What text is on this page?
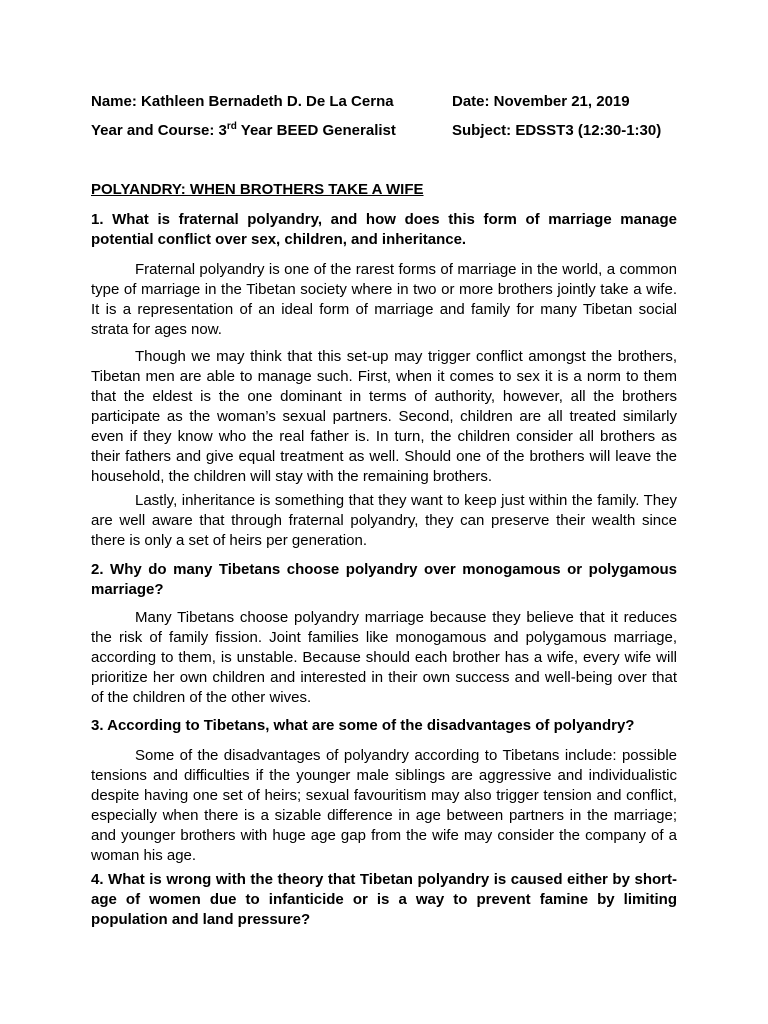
Name: Kathleen Bernadeth D. De La Cerna	Date: November 21, 2019
Year and Course: 3rd Year BEED Generalist	Subject: EDSST3 (12:30-1:30)
POLYANDRY: WHEN BROTHERS TAKE A WIFE
1. What is fraternal polyandry, and how does this form of marriage manage potential conflict over sex, children, and inheritance.
Fraternal polyandry is one of the rarest forms of marriage in the world, a common type of marriage in the Tibetan society where in two or more brothers jointly take a wife. It is a representation of an ideal form of marriage and family for many Tibetan social strata for ages now.
Though we may think that this set-up may trigger conflict amongst the brothers, Tibetan men are able to manage such. First, when it comes to sex it is a norm to them that the eldest is the one dominant in terms of authority, however, all the brothers participate as the woman’s sexual partners. Second, children are all treated similarly even if they know who the real father is. In turn, the children consider all brothers as their fathers and give equal treatment as well. Should one of the brothers will leave the household, the children will stay with the remaining brothers.
Lastly, inheritance is something that they want to keep just within the family. They are well aware that through fraternal polyandry, they can preserve their wealth since there is only a set of heirs per generation.
2. Why do many Tibetans choose polyandry over monogamous or polygamous marriage?
Many Tibetans choose polyandry marriage because they believe that it reduces the risk of family fission. Joint families like monogamous and polygamous marriage, according to them, is unstable. Because should each brother has a wife, every wife will prioritize her own children and interested in their own success and well-being over that of the children of the other wives.
3. According to Tibetans, what are some of the disadvantages of polyandry?
Some of the disadvantages of polyandry according to Tibetans include: possible tensions and difficulties if the younger male siblings are aggressive and individualistic despite having one set of heirs; sexual favouritism may also trigger tension and conflict, especially when there is a sizable difference in age between partners in the marriage; and younger brothers with huge age gap from the wife may consider the company of a woman his age.
4. What is wrong with the theory that Tibetan polyandry is caused either by short-age of women due to infanticide or is a way to prevent famine by limiting population and land pressure?
